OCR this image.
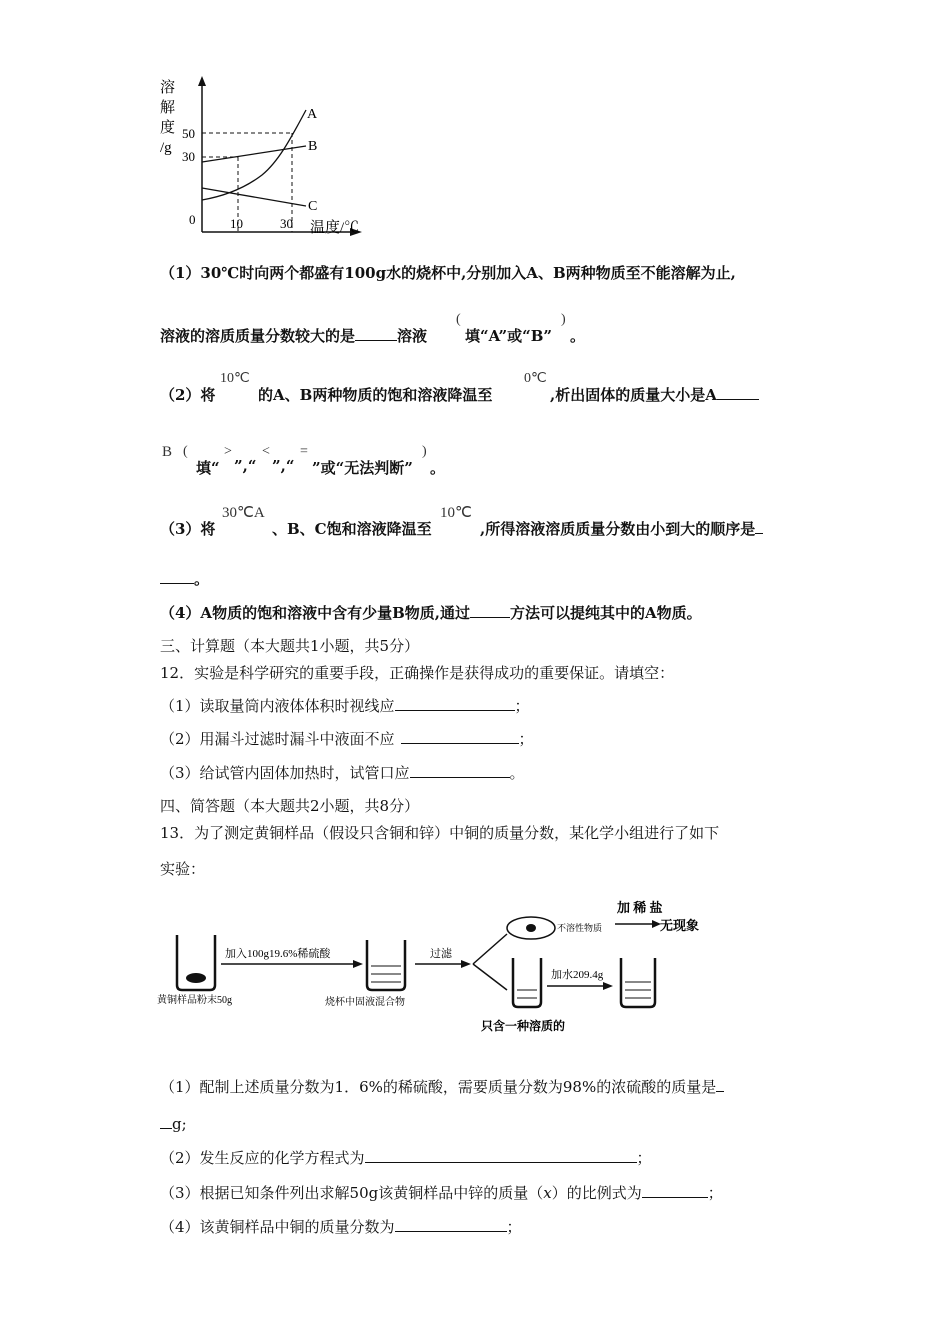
溶
解
度
/g
50
30
0	10	30 温度/℃
A
B
C
（1）30℃时向两个都盛有100g水的烧杯中,分别加入A、B两种物质至不能溶解为止,
溶液的溶质质量分数较大的是	溶液
(
填“A”或“B”
)
。
（2）将
10℃
的A、B两种物质的饱和溶液降温至
0℃
,析出固体的质量大小是A
B (
填“
>
”,“
<
”,“
=
”或“无法判断”
)
。
（3）将
30℃A
、B、C饱和溶液降温至
10℃
,所得溶液溶质质量分数由小到大的顺序是
。
（4）A物质的饱和溶液中含有少量B物质,通过	方法可以提纯其中的A物质。
三、计算题（本大题共1小题，共5分）
12．实验是科学研究的重要手段，正确操作是获得成功的重要保证。请填空：
（1）读取量筒内液体体积时视线应	；
（2）用漏斗过滤时漏斗中液面不应	；
（3）给试管内固体加热时，试管口应	。
四、简答题（本大题共2小题，共8分）
13．为了测定黄铜样品（假设只含铜和锌）中铜的质量分数，某化学小组进行了如下
实验：
黄铜样品粉末50g
加入100g19.6%稀硫酸
烧杯中固液混合物
过滤
不溶性物质
加 稀 盐
无现象
加水209.4g
只含一种溶质的
（1）配制上述质量分数为1．6%的稀硫酸，需要质量分数为98%的浓硫酸的质量是
g;
（2）发生反应的化学方程式为	；
（3）根据已知条件列出求解50g该黄铜样品中锌的质量（x）的比例式为	；
（4）该黄铜样品中铜的质量分数为	；
